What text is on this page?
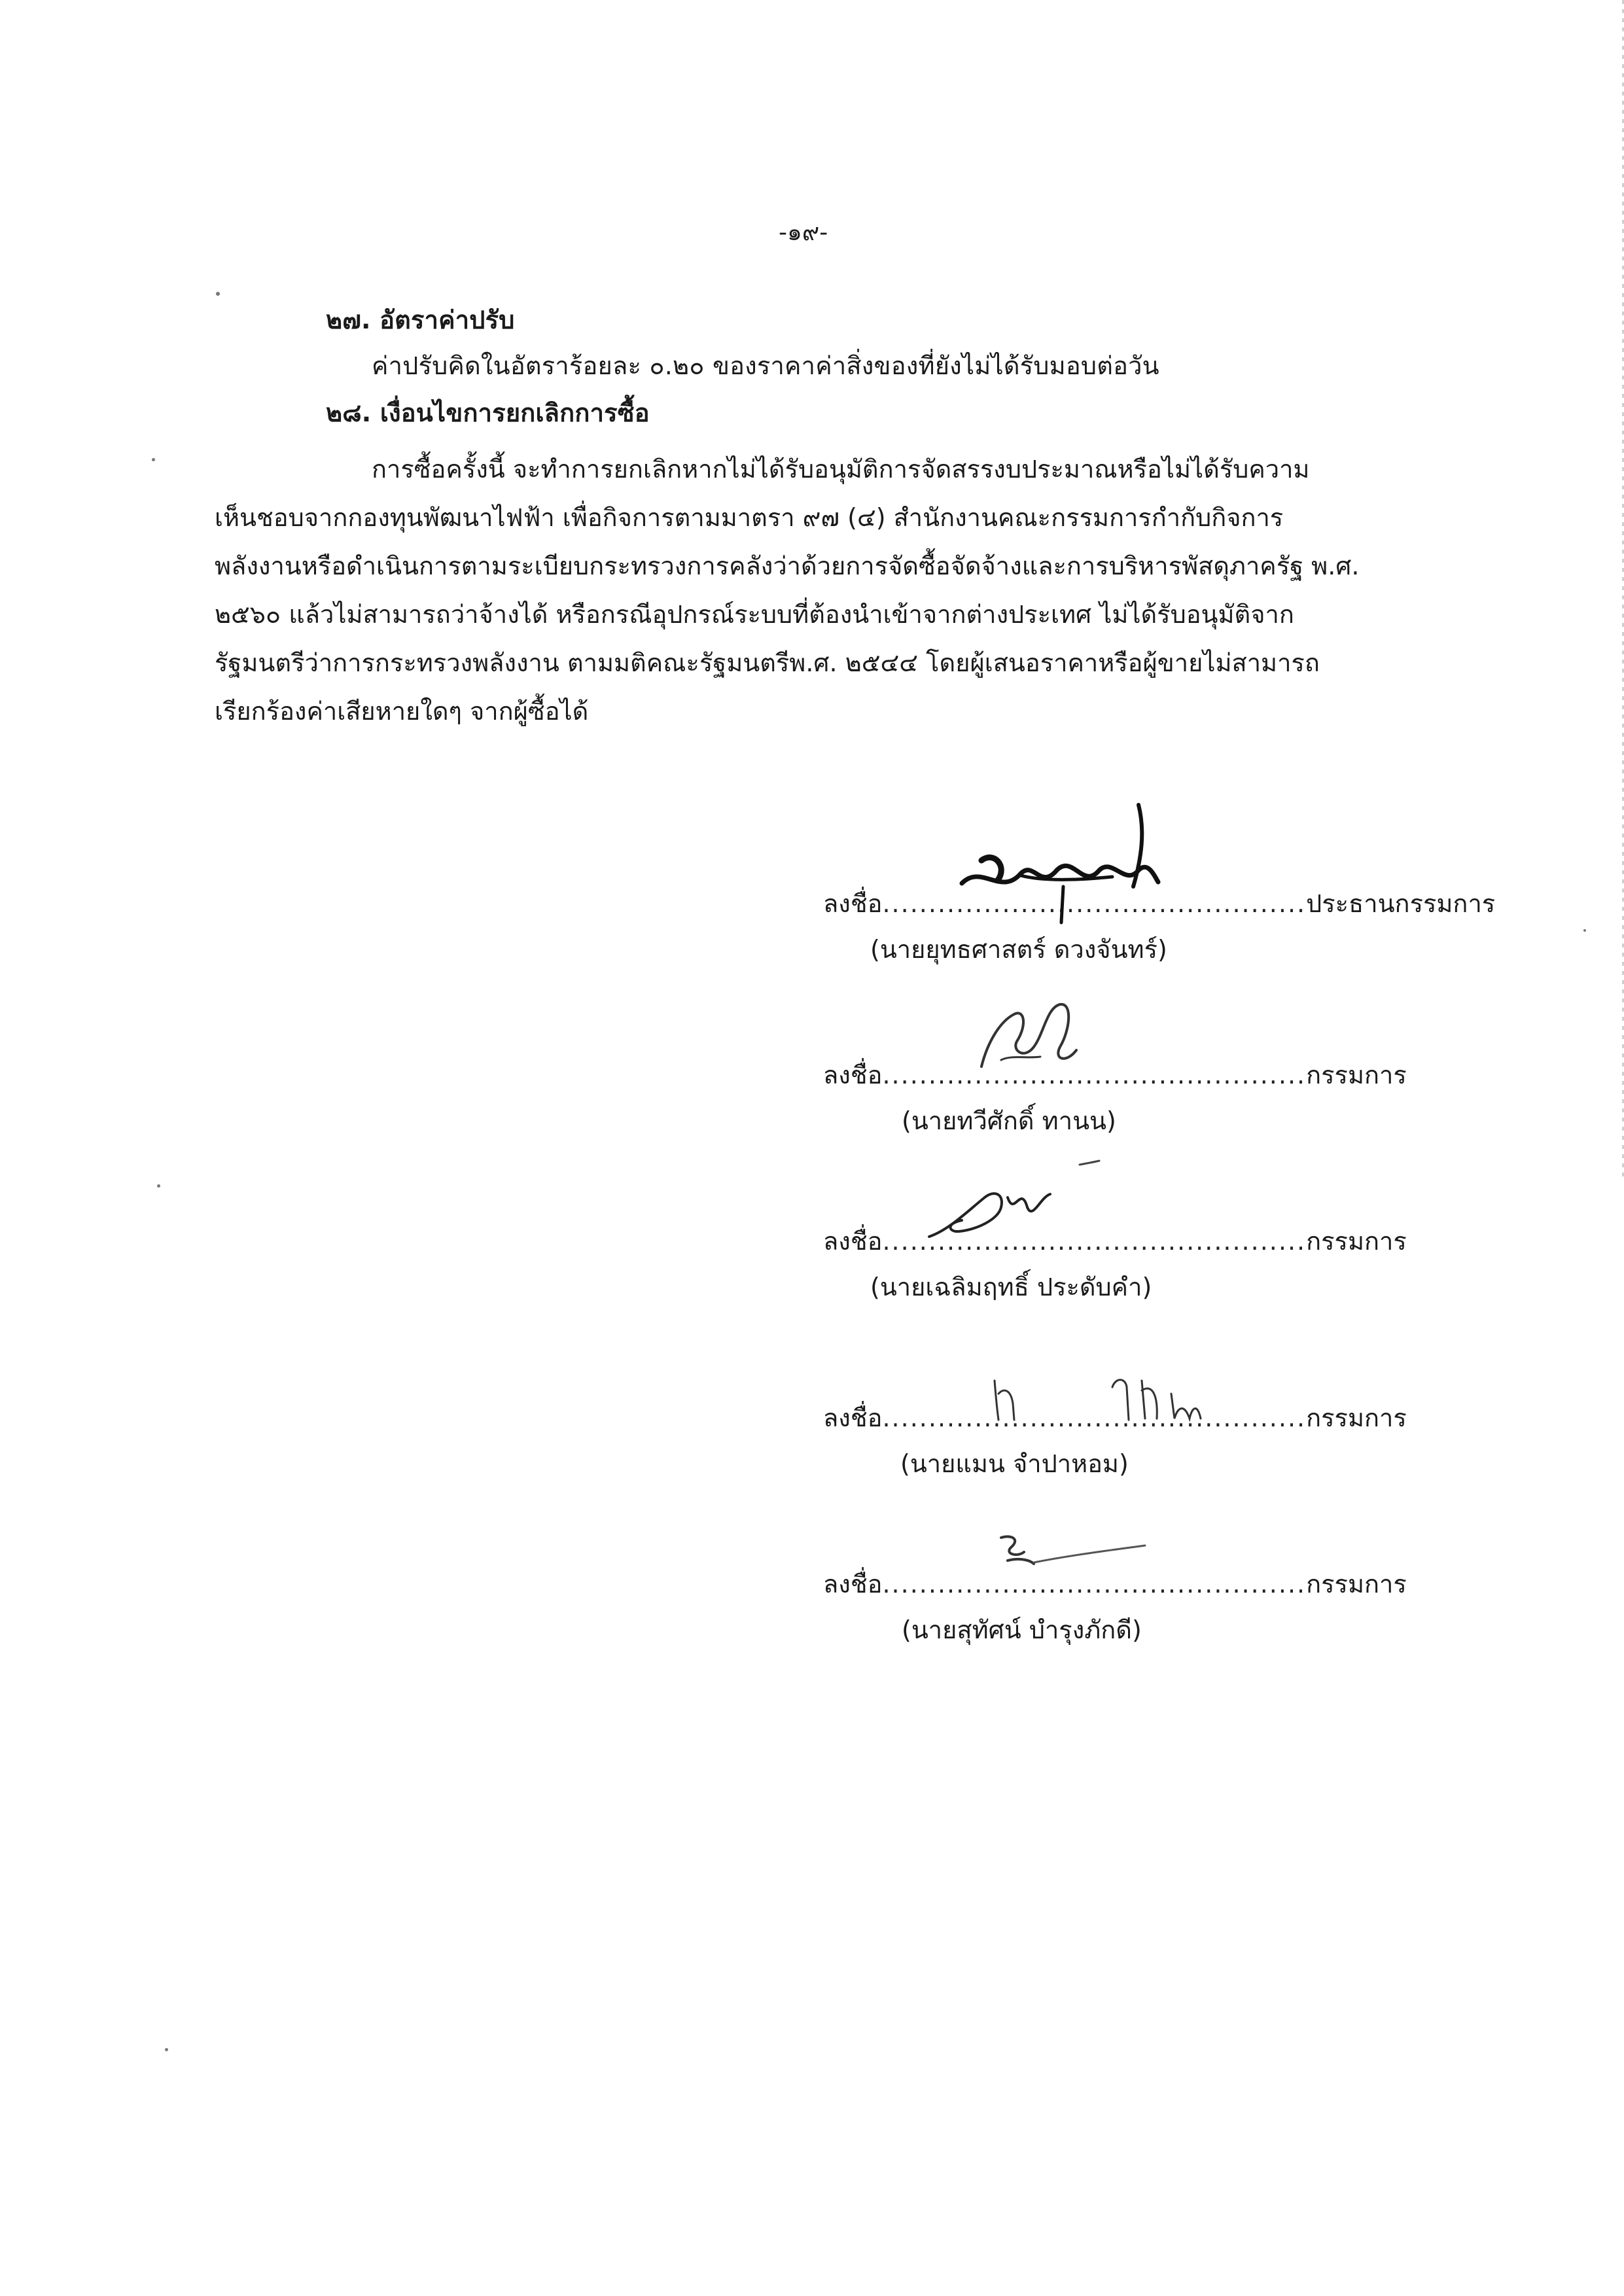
-๑๙-
๒๗. อัตราค่าปรับ
ค่าปรับคิดในอัตราร้อยละ ๐.๒๐ ของราคาค่าสิ่งของที่ยังไม่ได้รับมอบต่อวัน
๒๘. เงื่อนไขการยกเลิกการซื้อ
การซื้อครั้งนี้ จะทำการยกเลิกหากไม่ได้รับอนุมัติการจัดสรรงบประมาณหรือไม่ได้รับความ
เห็นชอบจากกองทุนพัฒนาไฟฟ้า เพื่อกิจการตามมาตรา ๙๗ (๔) สำนักงานคณะกรรมการกำกับกิจการ
พลังงานหรือดำเนินการตามระเบียบกระทรวงการคลังว่าด้วยการจัดซื้อจัดจ้างและการบริหารพัสดุภาครัฐ พ.ศ.
๒๕๖๐ แล้วไม่สามารถว่าจ้างได้ หรือกรณีอุปกรณ์ระบบที่ต้องนำเข้าจากต่างประเทศ ไม่ได้รับอนุมัติจาก
รัฐมนตรีว่าการกระทรวงพลังงาน ตามมติคณะรัฐมนตรีพ.ศ. ๒๕๔๔ โดยผู้เสนอราคาหรือผู้ขายไม่สามารถ
เรียกร้องค่าเสียหายใดๆ จากผู้ซื้อได้
ลงชื่อ..............................................ประธานกรรมการ
(นายยุทธศาสตร์ ดวงจันทร์)
ลงชื่อ..............................................กรรมการ
(นายทวีศักดิ์ ทานน)
ลงชื่อ..............................................กรรมการ
(นายเฉลิมฤทธิ์ ประดับคำ)
ลงชื่อ..............................................กรรมการ
(นายแมน จำปาหอม)
ลงชื่อ..............................................กรรมการ
(นายสุทัศน์ บำรุงภักดี)
